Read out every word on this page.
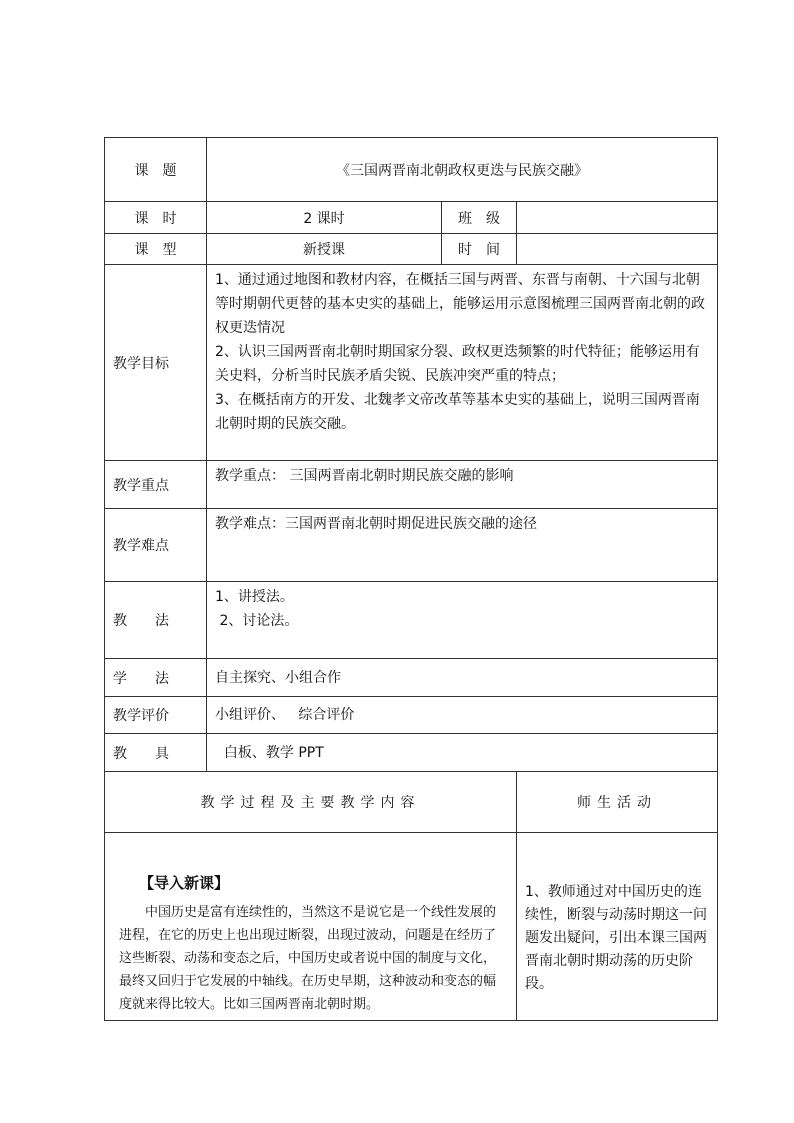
课　题	《三国两晋南北朝政权更迭与民族交融》		
课　时	2 课时	班　级	
课　型	新授课	时　间	
教学目标	1、通过通过地图和教材内容，在概括三国与两晋、东晋与南朝、十六国与北朝等时期朝代更替的基本史实的基础上，能够运用示意图梳理三国两晋南北朝的政权更迭情况
2、认识三国两晋南北朝时期国家分裂、政权更迭频繁的时代特征；能够运用有关史料，分析当时民族矛盾尖锐、民族冲突严重的特点；
3、在概括南方的开发、北魏孝文帝改革等基本史实的基础上，说明三国两晋南北朝时期的民族交融。		

教学重点	教学重点： 三国两晋南北朝时期民族交融的影响		
教学难点	教学难点：三国两晋南北朝时期促进民族交融的途径		
教　　法	1、讲授法。
2、讨论法。		

学　　法	自主探究、小组合作		
教学评价	小组评价、   综合评价		
教　　具	白板、教学 PPT		
教学过程及主要教学内容			师生活动

【导入新课】

中国历史是富有连续性的，当然这不是说它是一个线性发展的进程，在它的历史上也出现过断裂，出现过波动，问题是在经历了这些断裂、动荡和变态之后，中国历史或者说中国的制度与文化，最终又回归于它发展的中轴线。在历史早期，这种波动和变态的幅度就来得比较大。比如三国两晋南北朝时期。			1、教师通过对中国历史的连续性，断裂与动荡时期这一问题发出疑问，引出本课三国两晋南北朝时期动荡的历史阶段。
